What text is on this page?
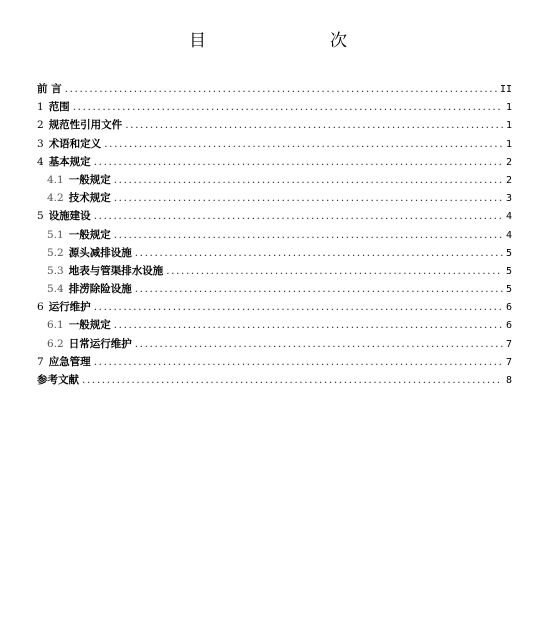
目　　次
前 言 .....	II
1 范围 .....	1
2 规范性引用文件 .....	1
3 术语和定义 .....	1
4 基本规定 .....	2
4.1 一般规定 .....	2
4.2 技术规定 .....	3
5 设施建设 .....	4
5.1 一般规定 .....	4
5.2 源头减排设施 .....	5
5.3 地表与管渠排水设施 .....	5
5.4 排涝除险设施 .....	5
6 运行维护 .....	6
6.1 一般规定 .....	6
6.2 日常运行维护 .....	7
7 应急管理 .....	7
参考文献 .....	8
